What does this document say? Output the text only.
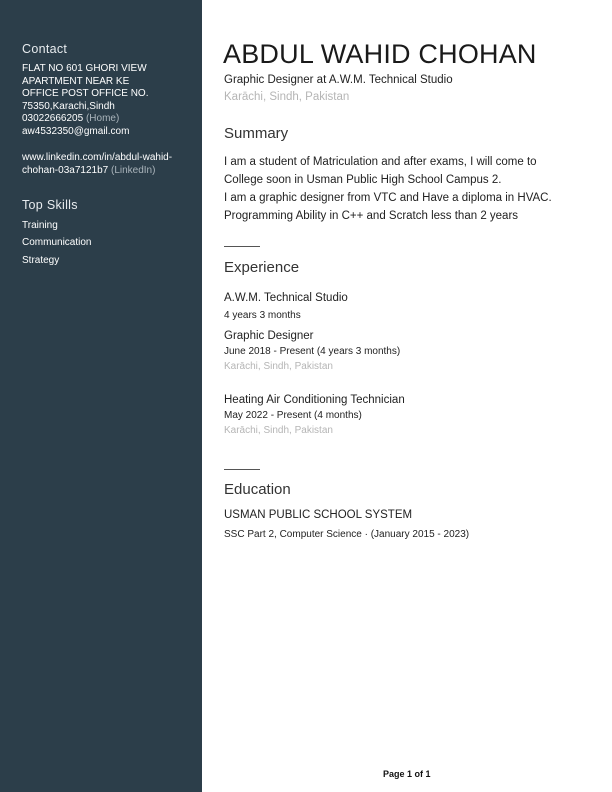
Contact
FLAT NO 601 GHORI VIEW
APARTMENT NEAR KE
OFFICE POST OFFICE NO.
75350,Karachi,Sindh
03022666205 (Home)
aw4532350@gmail.com
www.linkedin.com/in/abdul-wahid-
chohan-03a7121b7 (LinkedIn)
Top Skills
Training
Communication
Strategy
ABDUL WAHID CHOHAN
Graphic Designer at A.W.M. Technical Studio
Karāchi, Sindh, Pakistan
Summary
I am a student of Matriculation and after exams, I will come to
College soon in Usman Public High School Campus 2.
I am a graphic designer from VTC and Have a diploma in HVAC.
Programming Ability in C++ and Scratch less than 2 years
Experience
A.W.M. Technical Studio
4 years 3 months
Graphic Designer
June 2018 - Present (4 years 3 months)
Karāchi, Sindh, Pakistan
Heating Air Conditioning Technician
May 2022 - Present (4 months)
Karāchi, Sindh, Pakistan
Education
USMAN PUBLIC SCHOOL SYSTEM
SSC Part 2, Computer Science · (January 2015 - 2023)
Page 1 of 1
